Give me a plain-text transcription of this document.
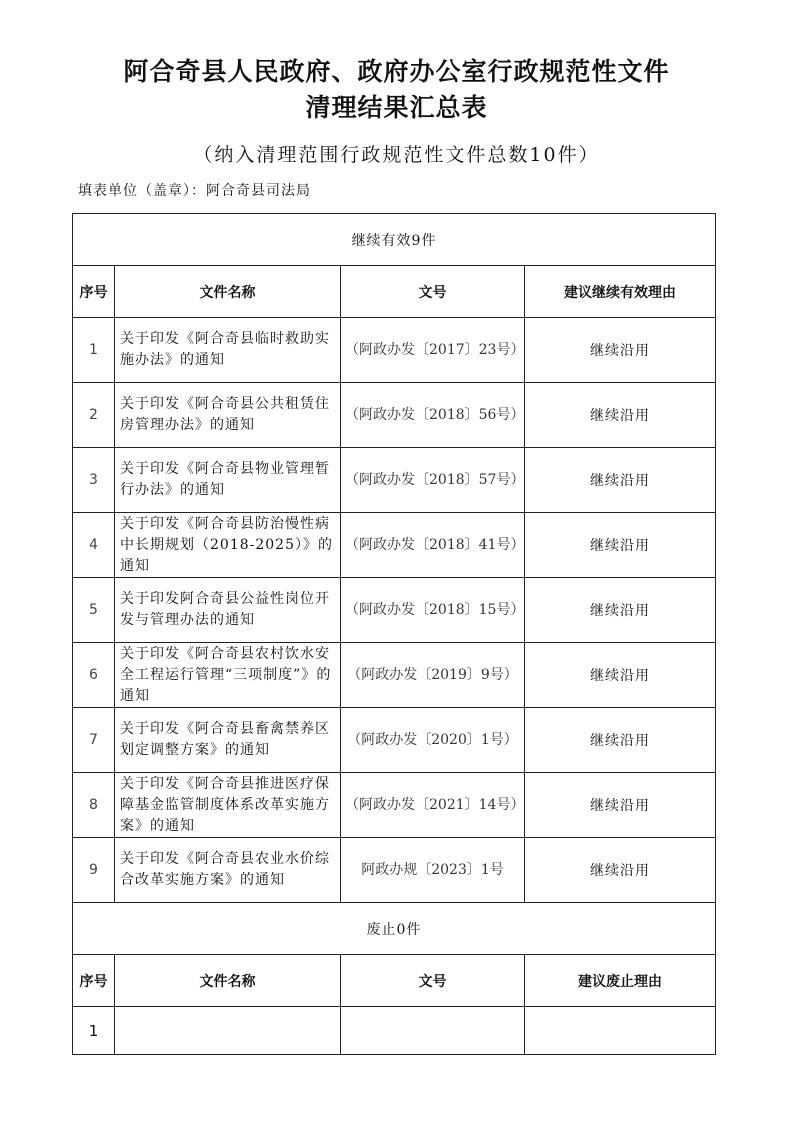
阿合奇县人民政府、政府办公室行政规范性文件
清理结果汇总表
（纳入清理范围行政规范性文件总数10件）
填表单位（盖章）：阿合奇县司法局
继续有效9件			
序号	文件名称	文号	建议继续有效理由
1	关于印发《阿合奇县临时救助实施办法》的通知	（阿政办发〔2017〕23号）	继续沿用
2	关于印发《阿合奇县公共租赁住房管理办法》的通知	（阿政办发〔2018〕56号）	继续沿用
3	关于印发《阿合奇县物业管理暂行办法》的通知	（阿政办发〔2018〕57号）	继续沿用
4	关于印发《阿合奇县防治慢性病中长期规划（2018-2025）》的通知	（阿政办发〔2018〕41号）	继续沿用
5	关于印发阿合奇县公益性岗位开发与管理办法的通知	（阿政办发〔2018〕15号）	继续沿用
6	关于印发《阿合奇县农村饮水安全工程运行管理“三项制度”》的通知	（阿政办发〔2019〕9号）	继续沿用
7	关于印发《阿合奇县畜禽禁养区划定调整方案》的通知	（阿政办发〔2020〕1号）	继续沿用
8	关于印发《阿合奇县推进医疗保障基金监管制度体系改革实施方案》的通知	（阿政办发〔2021〕14号）	继续沿用
9	关于印发《阿合奇县农业水价综合改革实施方案》的通知	阿政办规〔2023〕1号	继续沿用
废止0件			
序号	文件名称	文号	建议废止理由
1			
